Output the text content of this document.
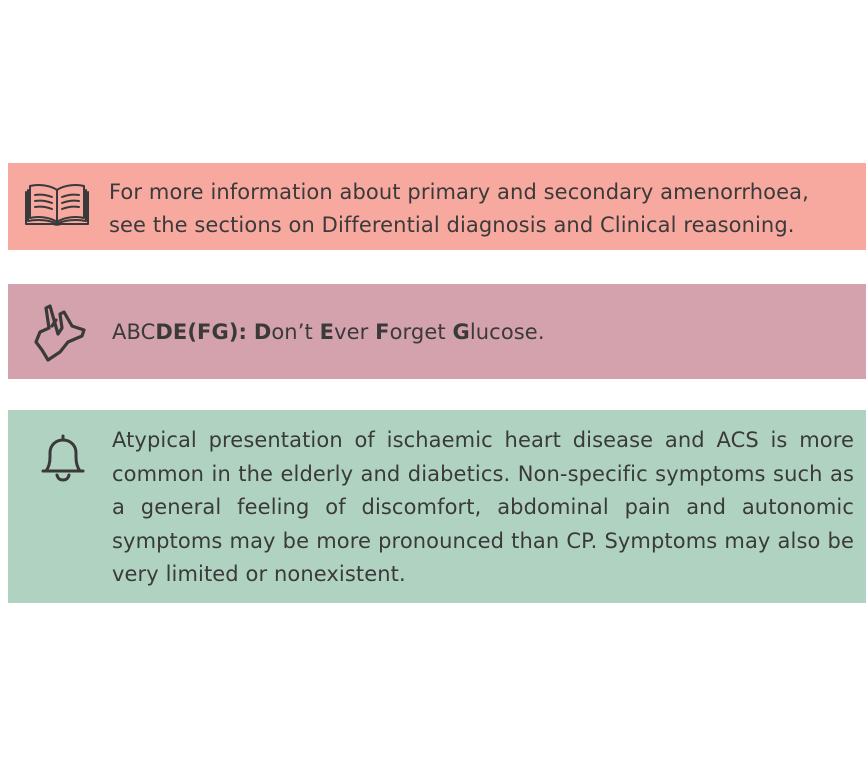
For more information about primary and secondary amenorrhoea,
see the sections on Differential diagnosis and Clinical reasoning.
ABCDE(FG): Don’t Ever Forget Glucose.
Atypical presentation of ischaemic heart disease and ACS is more common in the elderly and diabetics. Non-specific symptoms such as a general feeling of discomfort, abdominal pain and autonomic symptoms may be more pronounced than CP. Symptoms may also be very limited or nonexistent.
